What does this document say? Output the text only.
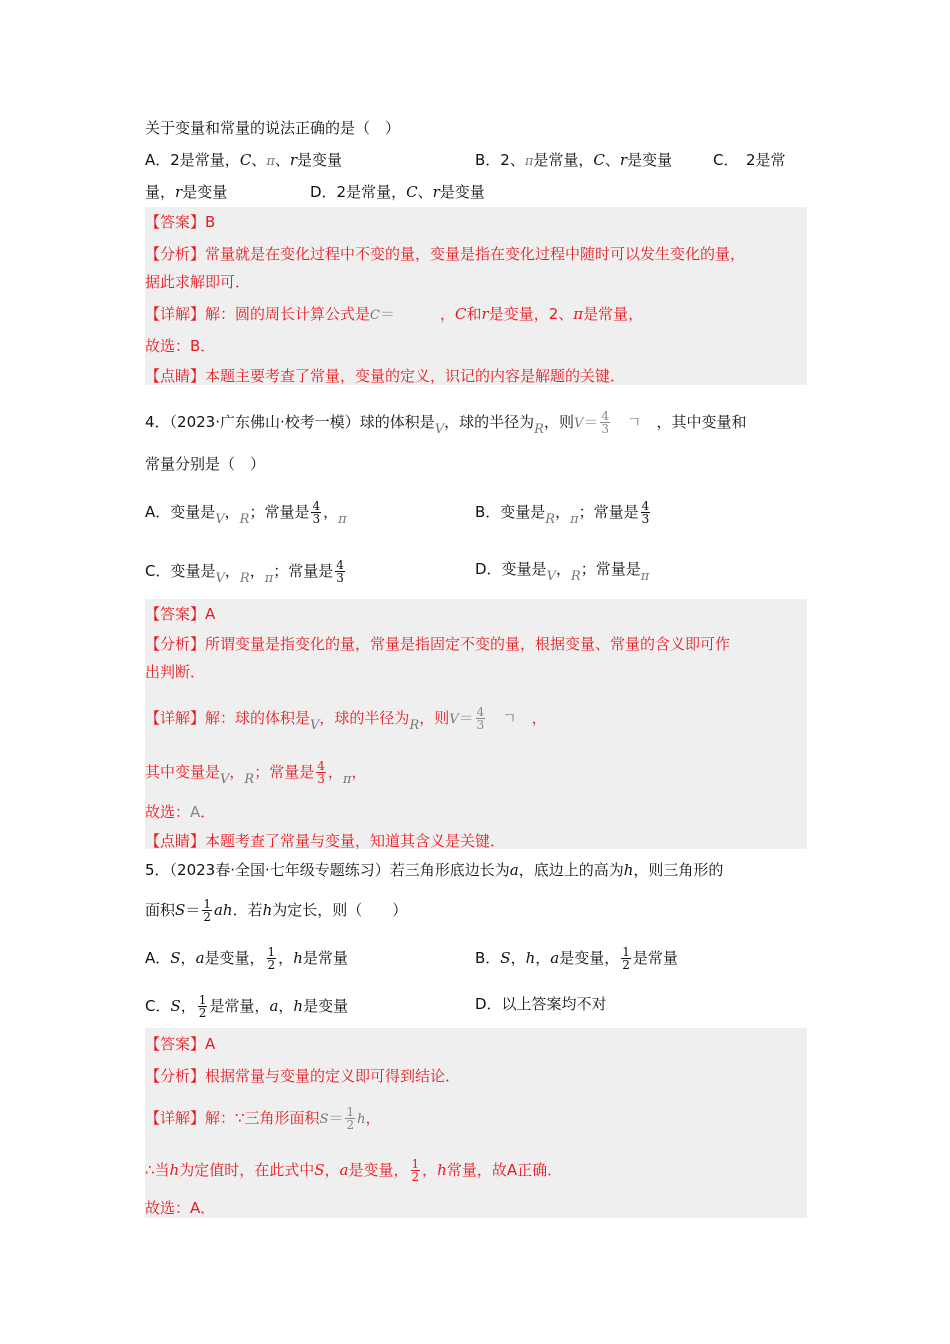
关于变量和常量的说法正确的是（　）
A．2是常量，C、π、r是变量	B．2、π是常量，C、r是变量	C．　2是常
量，r是变量	D．2是常量，C、r是变量
【答案】B
【分析】常量就是在变化过程中不变的量，变量是指在变化过程中随时可以发生变化的量，
据此求解即可．
【详解】解：圆的周长计算公式是C＝　　　，C和r是变量，2、π是常量，
故选：B．
【点睛】本题主要考查了常量，变量的定义，识记的内容是解题的关键．
4．（2023·广东佛山·校考一模）球的体积是V，球的半径为R，则$V= \frac{4}{3}$ 　ㄱ　，其中变量和
常量分别是（　）
A．变量是V，R；常量是 $\frac{4}{3}$ ，π	B．变量是R，π；常量是 $\frac{4}{3}$
C．变量是V，R，π；常量是 $\frac{4}{3}$	D．变量是V，R；常量是π
【答案】A
【分析】所谓变量是指变化的量，常量是指固定不变的量，根据变量、常量的含义即可作
出判断．
【详解】解：球的体积是V，球的半径为R，则$V= \frac{4}{3}$ 　ㄱ　，
其中变量是V，R；常量是 $\frac{4}{3}$ ，π，
故选：A．
【点睛】本题考查了常量与变量，知道其含义是关键．
5．（2023春·全国·七年级专题练习）若三角形底边长为a，底边上的高为h，则三角形的
面积$S= \frac{1}{2}$ ah．若h为定长，则（　　）
A．S，a是变量， $\frac{1}{2}$ ，h是常量	B．S，h，a是变量， $\frac{1}{2}$ 是常量
C．S， $\frac{1}{2}$ 是常量，a，h是变量	D．以上答案均不对
【答案】A
【分析】根据常量与变量的定义即可得到结论．
【详解】解：∵三角形面积$S= \frac{1}{2}$ h，
∴当h为定值时，在此式中S，a是变量， $\frac{1}{2}$ ，h常量，故A正确．
故选：A．
